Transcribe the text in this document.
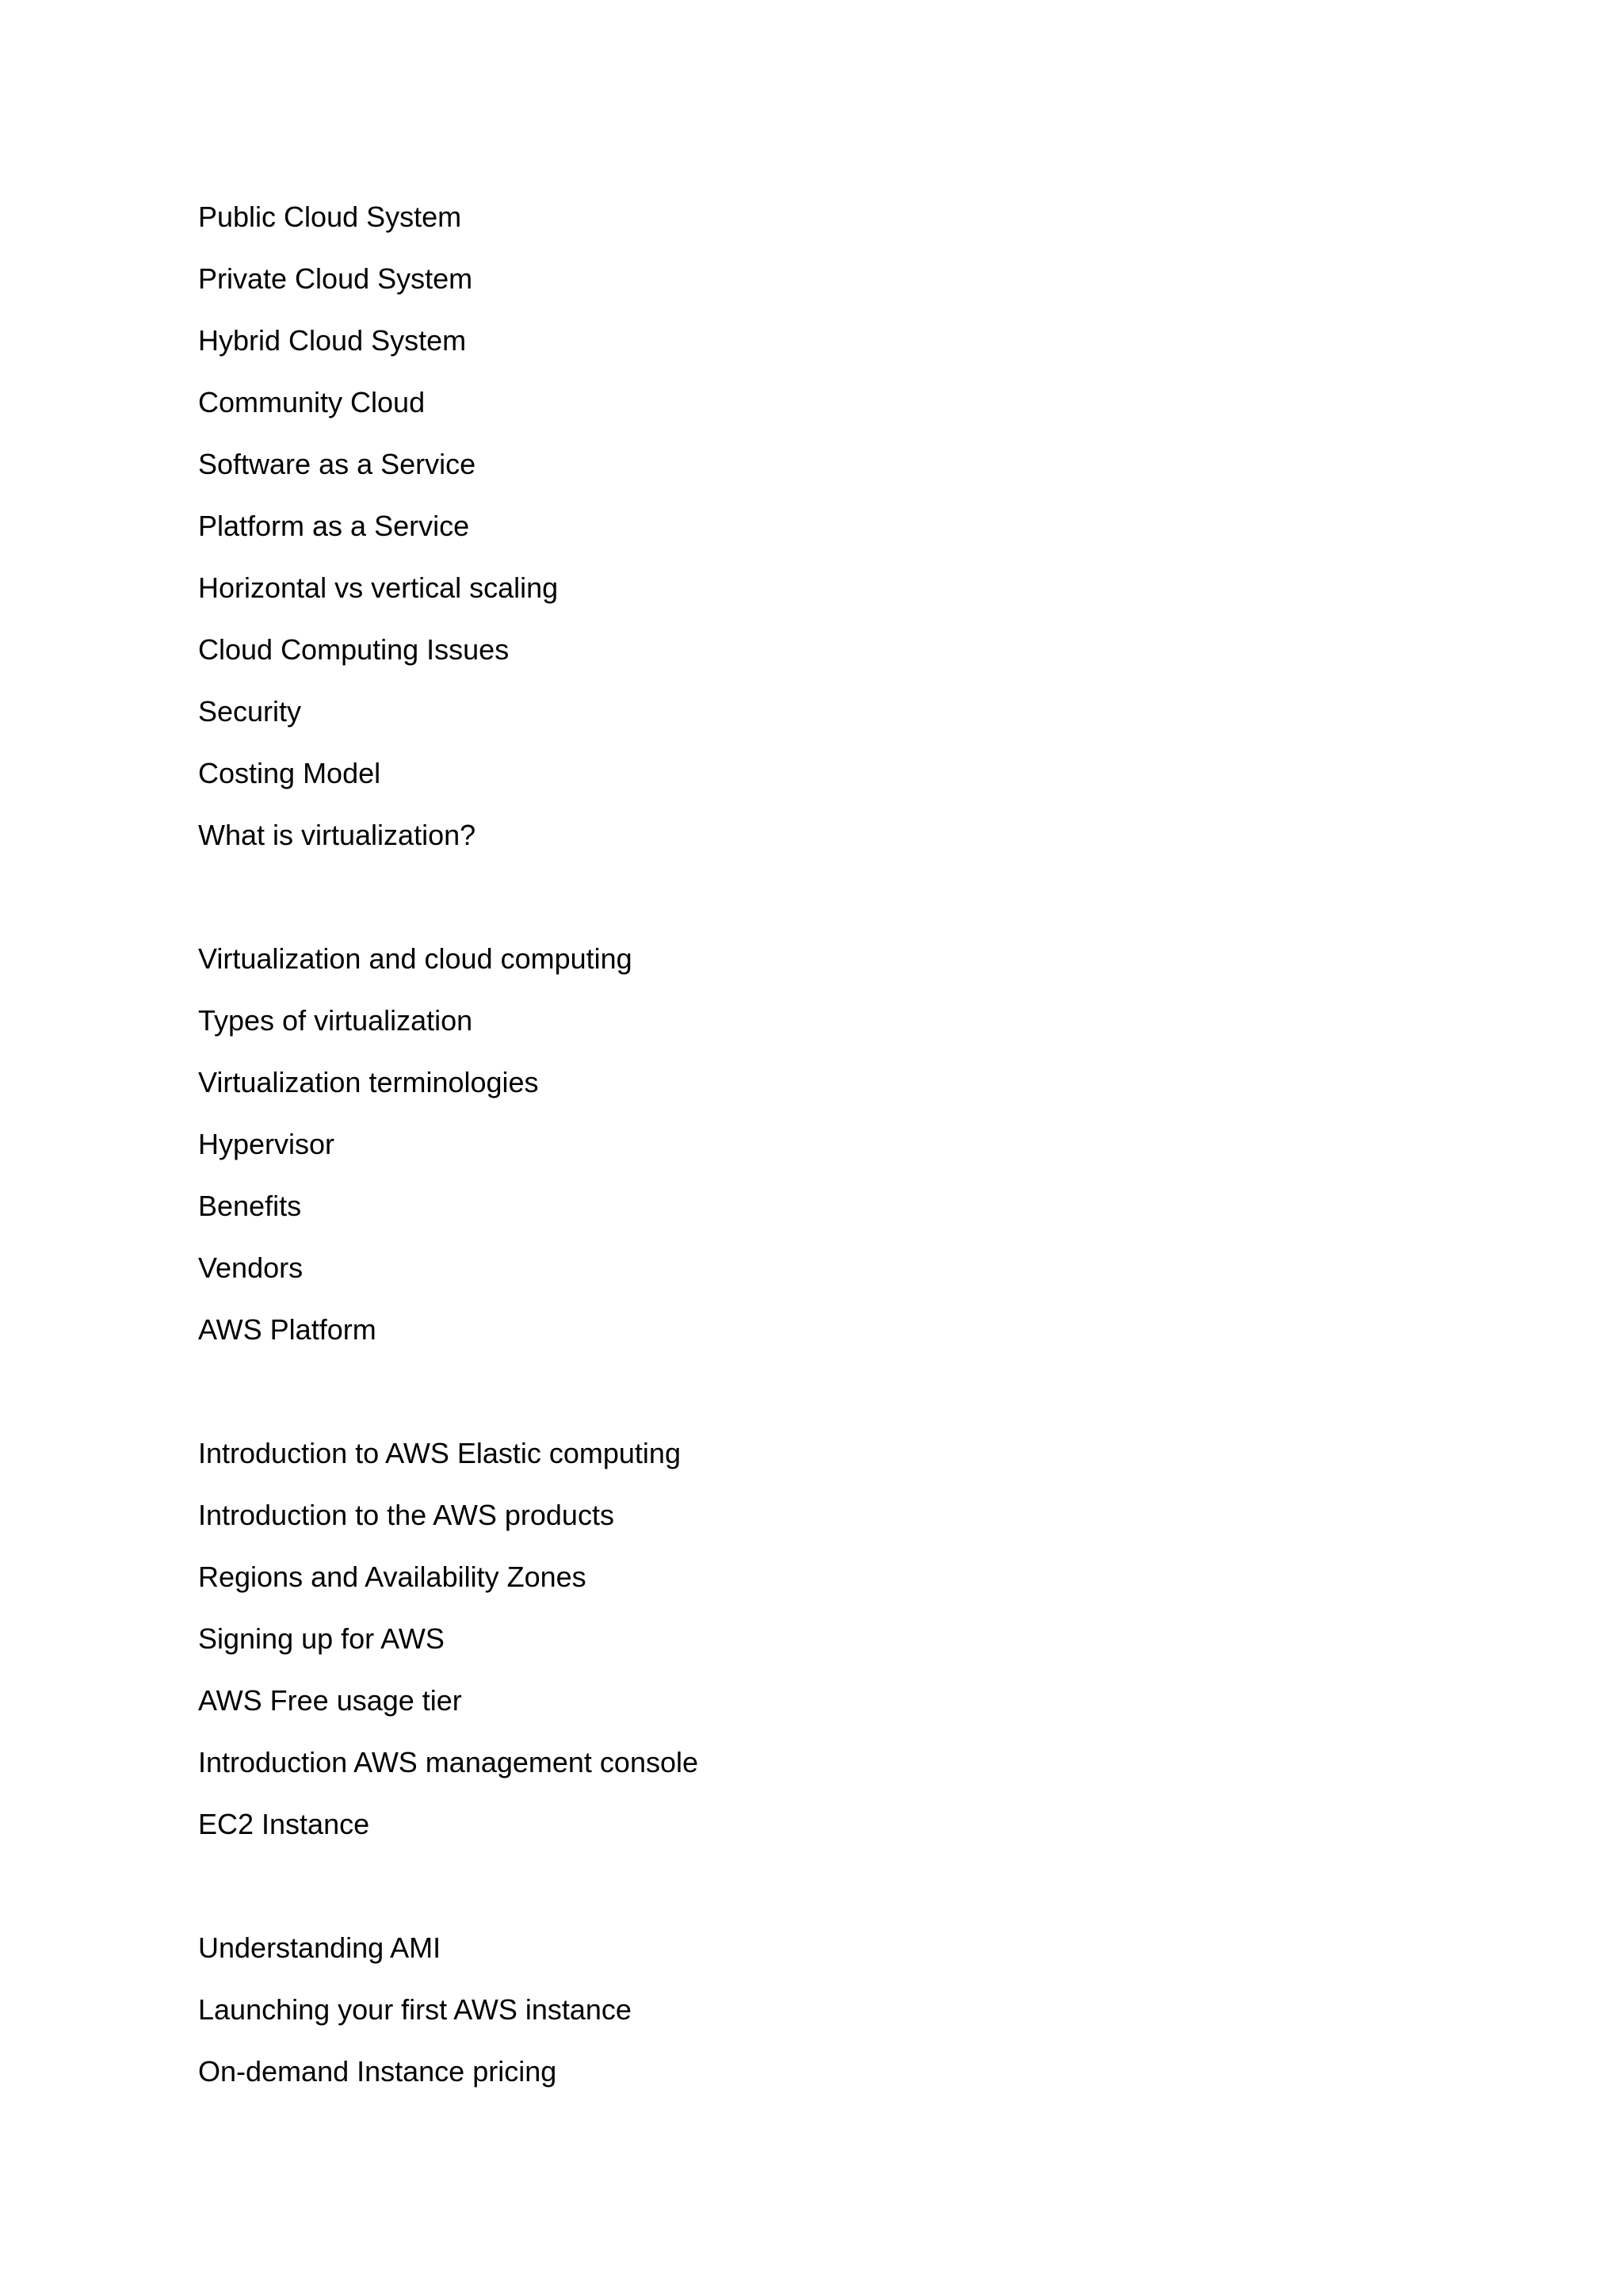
Public Cloud System
Private Cloud System
Hybrid Cloud System
Community Cloud
Software as a Service
Platform as a Service
Horizontal vs vertical scaling
Cloud Computing Issues
Security
Costing Model
What is virtualization?
Virtualization and cloud computing
Types of virtualization
Virtualization terminologies
Hypervisor
Benefits
Vendors
AWS Platform
Introduction to AWS Elastic computing
Introduction to the AWS products
Regions and Availability Zones
Signing up for AWS
AWS Free usage tier
Introduction AWS management console
EC2 Instance
Understanding AMI
Launching your first AWS instance
On-demand Instance pricing
